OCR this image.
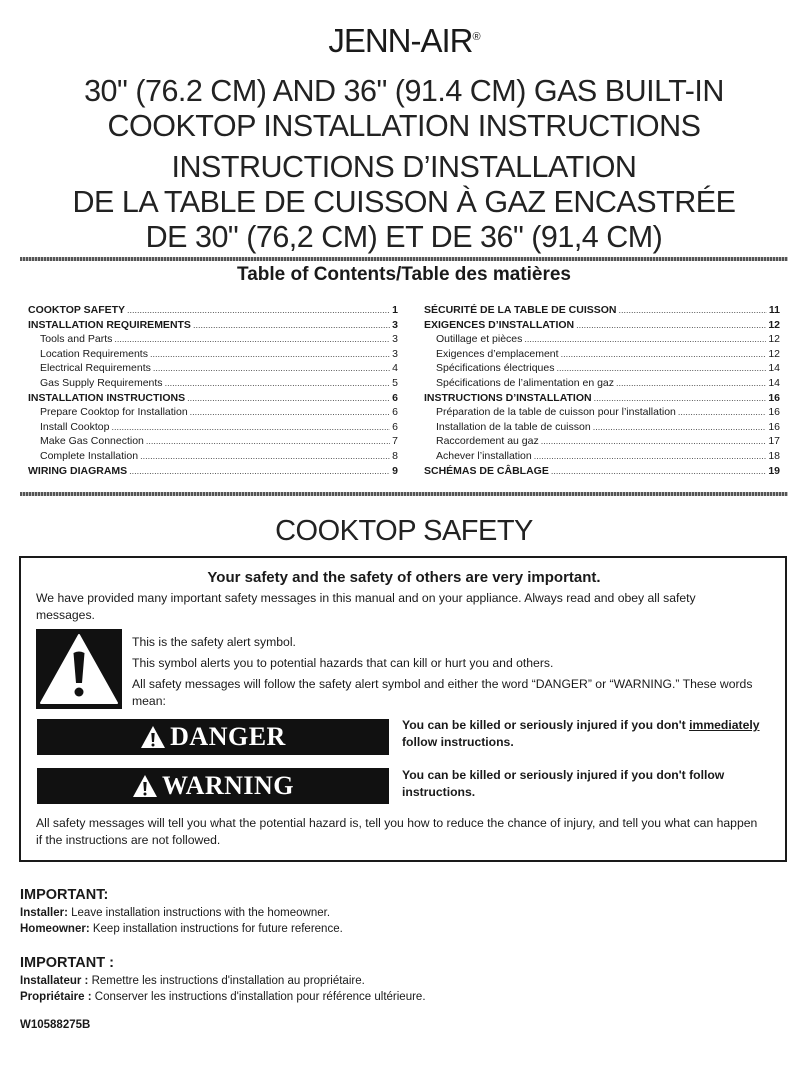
JENN-AIR®
30" (76.2 CM) AND 36" (91.4 CM) GAS BUILT-IN
COOKTOP INSTALLATION INSTRUCTIONS
INSTRUCTIONS D’INSTALLATION
DE LA TABLE DE CUISSON À GAZ ENCASTRÉE
DE 30" (76,2 CM) ET DE 36" (91,4 CM)
Table of Contents/Table des matières
COOKTOP SAFETY .....	1
INSTALLATION REQUIREMENTS .....	3
Tools and Parts .....	3
Location Requirements .....	3
Electrical Requirements .....	4
Gas Supply Requirements .....	5
INSTALLATION INSTRUCTIONS .....	6
Prepare Cooktop for Installation .....	6
Install Cooktop .....	6
Make Gas Connection .....	7
Complete Installation .....	8
WIRING DIAGRAMS .....	9
SÉCURITÉ DE LA TABLE DE CUISSON .....	11
EXIGENCES D’INSTALLATION .....	12
Outillage et pièces .....	12
Exigences d’emplacement .....	12
Spécifications électriques .....	14
Spécifications de l’alimentation en gaz .....	14
INSTRUCTIONS D’INSTALLATION .....	16
Préparation de la table de cuisson pour l’installation .....	16
Installation de la table de cuisson .....	16
Raccordement au gaz .....	17
Achever l’installation .....	18
SCHÉMAS DE CÂBLAGE .....	19
COOKTOP SAFETY
Your safety and the safety of others are very important.
We have provided many important safety messages in this manual and on your appliance. Always read and obey all safety messages.
This is the safety alert symbol.
This symbol alerts you to potential hazards that can kill or hurt you and others.
All safety messages will follow the safety alert symbol and either the word “DANGER” or “WARNING.” These words mean:
DANGER	You can be killed or seriously injured if you don't immediately follow instructions.
WARNING	You can be killed or seriously injured if you don't follow instructions.
All safety messages will tell you what the potential hazard is, tell you how to reduce the chance of injury, and tell you what can happen if the instructions are not followed.
IMPORTANT:
Installer: Leave installation instructions with the homeowner.
Homeowner: Keep installation instructions for future reference.
IMPORTANT :
Installateur : Remettre les instructions d'installation au propriétaire.
Propriétaire : Conserver les instructions d'installation pour référence ultérieure.
W10588275B
